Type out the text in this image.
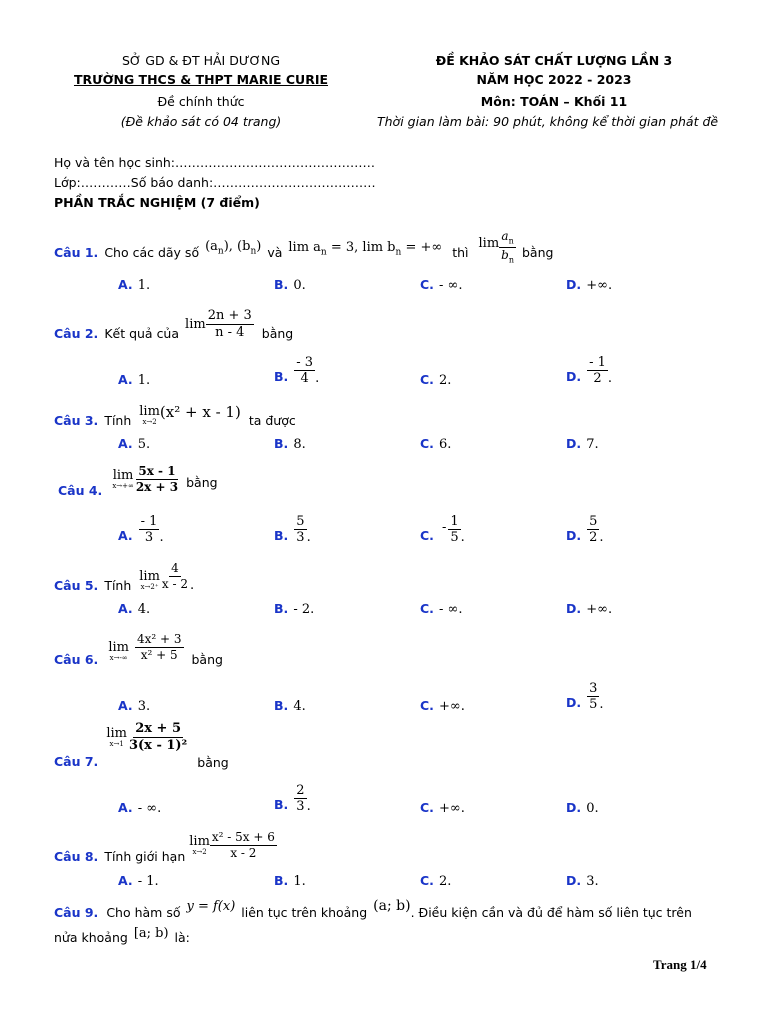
SỞ GD & ĐT HẢI DƯƠNG
TRƯỜNG THCS & THPT MARIE CURIE
Đề chính thức
(Đề khảo sát có 04 trang)
ĐỀ KHẢO SÁT CHẤT LƯỢNG LẦN 3
NĂM HỌC 2022 - 2023
Môn: TOÁN – Khối 11
Thời gian làm bài: 90 phút, không kể thời gian phát đề
Họ và tên học sinh:…………………………………………
Lớp:…………Số báo danh:…………………………………
PHẦN TRẮC NGHIỆM (7 điểm)
Câu 1. Cho các dãy số $(a_n)$, $(b_n)$ và $\lim a_n = 3$, $\lim b_n$ = +∞ thì
$\lim \frac{a_n}{b_n}$ bằng
A. 1.	B. 0.	C. - ∞.	D. +∞.
Câu 2. Kết quả của
$\lim \frac{2n + 3}{n - 4}$ bằng
A. 1.	B. $\frac{- 3}{4}$ .	C. 2.	D. $\frac{- 1}{2}$ .
Câu 3. Tính
lim
x→2
(x² + x - 1) ta được
A. 5.	B. 8.	C. 6.	D. 7.
Câu 4.
lim
$x\to+\infty \frac{5x - 1}{2x + 3}$ bằng
A. $\frac{- 1}{3}$ .	B. $\frac{5}{3}$ .	C.
- $\frac{1}{5}$ .	D. $\frac{5}{2}$ .
Câu 5. Tính
lim
$x\to 2^+ \frac{4}{x - 2}$ .
A. 4.	B. - 2.	C. - ∞.	D. +∞.
Câu 6.
lim
$x\to-\infty \frac{\text{4x² + 3}}{\text{x² + 5}}$ bằng
A. 3.	B. 4.	C. +∞.	D. $\frac{3}{5}$ .
Câu 7.
lim
$x\to 1 \frac{2x + 5}{\text{3(x - 1)²}}$
bằng
A. - ∞.	B. $\frac{2}{3}$ .	C. +∞.	D. 0.
Câu 8. Tính giới hạn
lim
$x\to 2 \frac{\text{x² - 5x + 6}}{x - 2}$
A. - 1.	B. 1.	C. 2.	D. 3.
Câu 9. Cho hàm số y = f(x) liên tục trên khoảng (a; b) . Điều kiện cần và đủ để hàm số liên tục trên
nửa khoảng [a; b) là:
Trang 1/4
